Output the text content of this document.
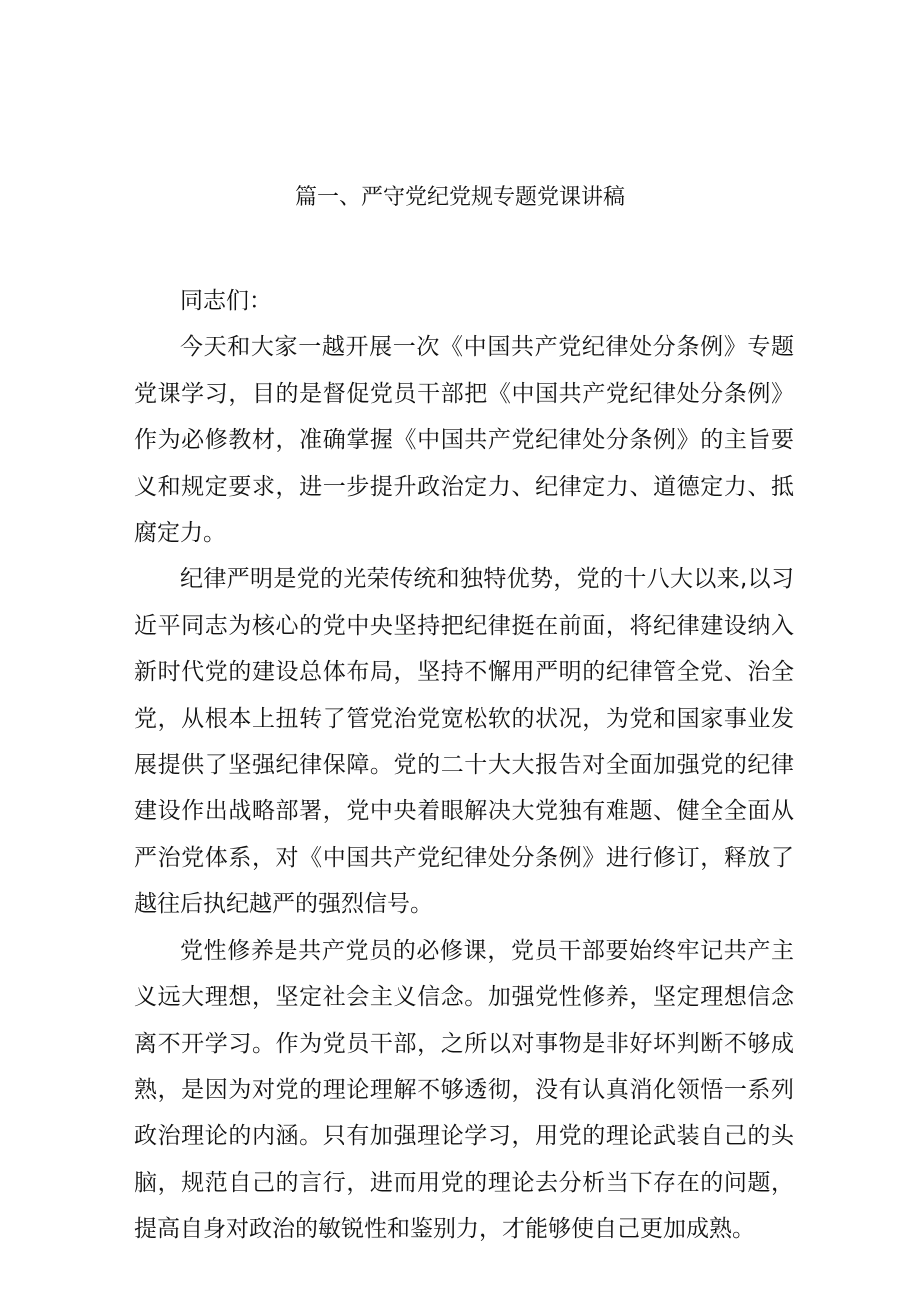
篇一、严守党纪党规专题党课讲稿

同志们：

今天和大家一越开展一次《中国共产党纪律处分条例》专题党课学习，目的是督促党员干部把《中国共产党纪律处分条例》作为必修教材，准确掌握《中国共产党纪律处分条例》的主旨要义和规定要求，进一步提升政治定力、纪律定力、道德定力、抵腐定力。

纪律严明是党的光荣传统和独特优势，党的十八大以来,以习近平同志为核心的党中央坚持把纪律挺在前面，将纪律建设纳入新时代党的建设总体布局，坚持不懈用严明的纪律管全党、治全党，从根本上扭转了管党治党宽松软的状况，为党和国家事业发展提供了坚强纪律保障。党的二十大大报告对全面加强党的纪律建设作出战略部署，党中央着眼解决大党独有难题、健全全面从严治党体系，对《中国共产党纪律处分条例》进行修订，释放了越往后执纪越严的强烈信号。

党性修养是共产党员的必修课，党员干部要始终牢记共产主义远大理想，坚定社会主义信念。加强党性修养，坚定理想信念离不开学习。作为党员干部，之所以对事物是非好坏判断不够成熟，是因为对党的理论理解不够透彻，没有认真消化领悟一系列政治理论的内涵。只有加强理论学习，用党的理论武装自己的头脑，规范自己的言行，进而用党的理论去分析当下存在的问题，提高自身对政治的敏锐性和鉴别力，才能够使自己更加成熟。
